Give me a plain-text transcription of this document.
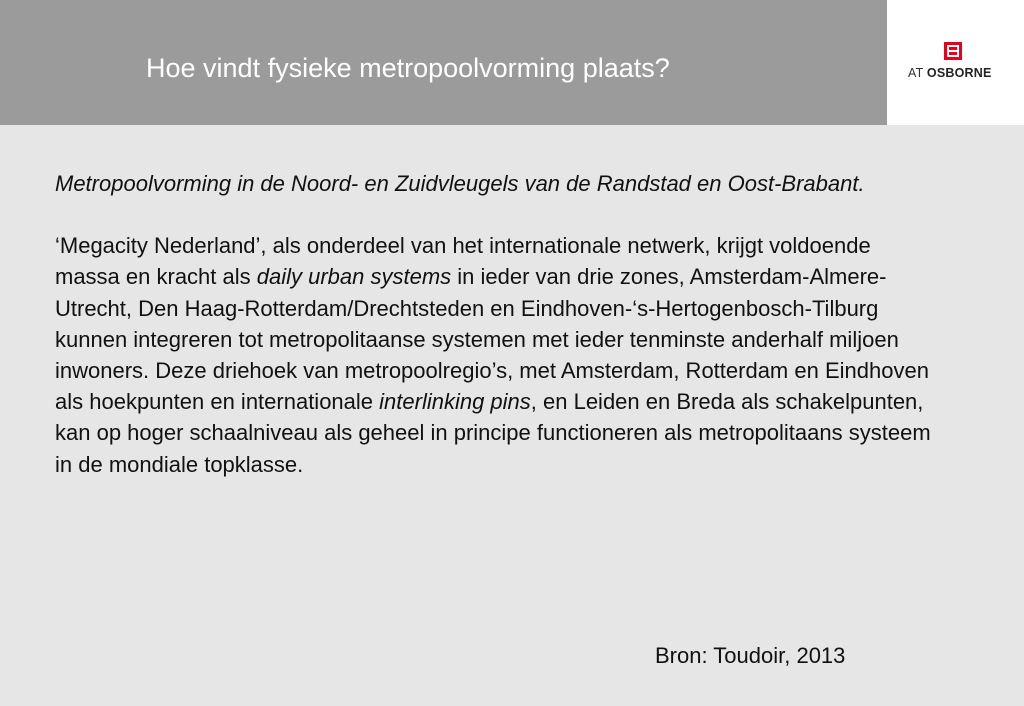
Hoe vindt fysieke metropoolvorming plaats?	AT OSBORNE

Metropoolvorming in de Noord- en Zuidvleugels van de Randstad en Oost-Brabant.

‘Megacity Nederland’, als onderdeel van het internationale netwerk, krijgt voldoende massa en kracht als daily urban systems in ieder van drie zones, Amsterdam-Almere-Utrecht, Den Haag-Rotterdam/Drechtsteden en Eindhoven-‘s-Hertogenbosch-Tilburg kunnen integreren tot metropolitaanse systemen met ieder tenminste anderhalf miljoen inwoners. Deze driehoek van metropoolregio’s, met Amsterdam, Rotterdam en Eindhoven als hoekpunten en internationale interlinking pins, en Leiden en Breda als schakelpunten, kan op hoger schaalniveau als geheel in principe functioneren als metropolitaans systeem in de mondiale topklasse.

Bron: Toudoir, 2013
